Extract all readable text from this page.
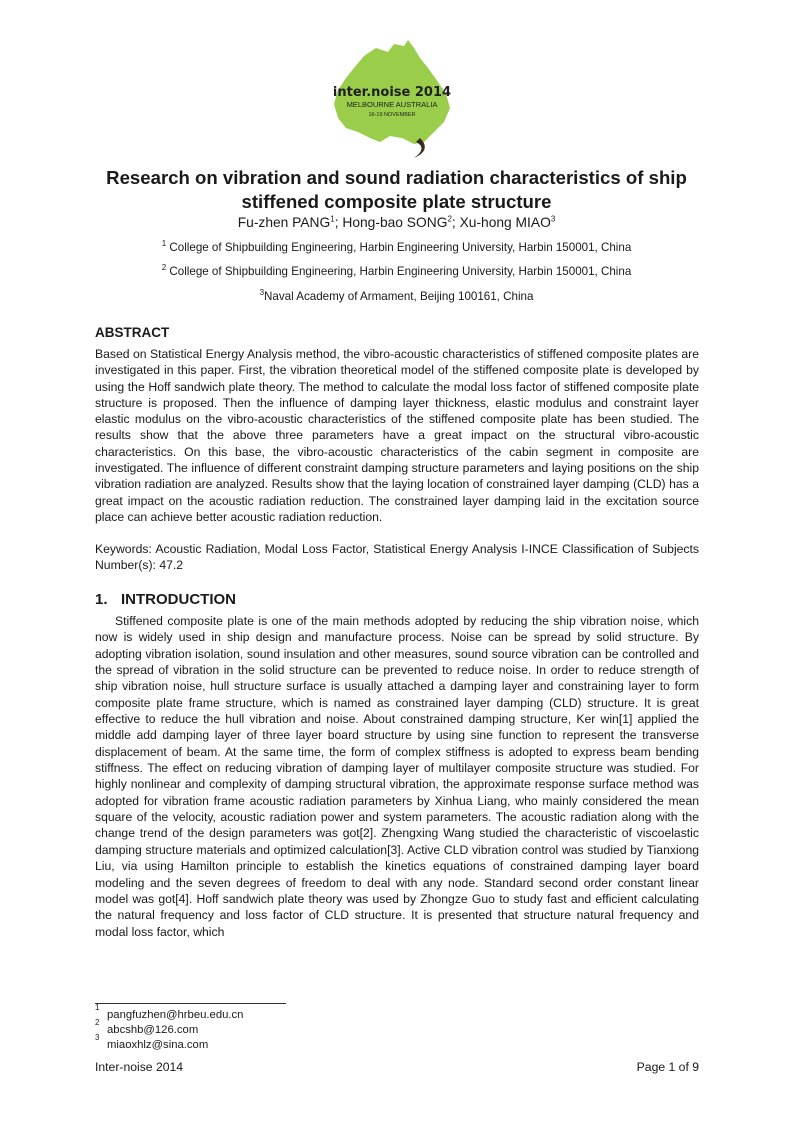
inter.noise 2014
MELBOURNE AUSTRALIA
16-19 NOVEMBER
Research on vibration and sound radiation characteristics of ship
stiffened composite plate structure
Fu-zhen PANG$^1$; Hong-bao SONG$^2$; Xu-hong MIAO$^3$
$^1$ College of Shipbuilding Engineering, Harbin Engineering University, Harbin 150001, China
$^2$ College of Shipbuilding Engineering, Harbin Engineering University, Harbin 150001, China
$^3$Naval Academy of Armament, Beijing 100161, China
ABSTRACT
Based on Statistical Energy Analysis method, the vibro-acoustic characteristics of stiffened composite plates are investigated in this paper. First, the vibration theoretical model of the stiffened composite plate is developed by using the Hoff sandwich plate theory. The method to calculate the modal loss factor of stiffened composite plate structure is proposed. Then the influence of damping layer thickness, elastic modulus and constraint layer elastic modulus on the vibro-acoustic characteristics of the stiffened composite plate has been studied. The results show that the above three parameters have a great impact on the structural vibro-acoustic characteristics. On this base, the vibro-acoustic characteristics of the cabin segment in composite are investigated. The influence of different constraint damping structure parameters and laying positions on the ship vibration radiation are analyzed. Results show that the laying location of constrained layer damping (CLD) has a great impact on the acoustic radiation reduction. The constrained layer damping laid in the excitation source place can achieve better acoustic radiation reduction.
Keywords: Acoustic Radiation, Modal Loss Factor, Statistical Energy Analysis I-INCE Classification of Subjects Number(s): 47.2
1. INTRODUCTION
Stiffened composite plate is one of the main methods adopted by reducing the ship vibration noise, which now is widely used in ship design and manufacture process. Noise can be spread by solid structure. By adopting vibration isolation, sound insulation and other measures, sound source vibration can be controlled and the spread of vibration in the solid structure can be prevented to reduce noise. In order to reduce strength of ship vibration noise, hull structure surface is usually attached a damping layer and constraining layer to form composite plate frame structure, which is named as constrained layer damping (CLD) structure. It is great effective to reduce the hull vibration and noise. About constrained damping structure, Ker win[1] applied the middle add damping layer of three layer board structure by using sine function to represent the transverse displacement of beam. At the same time, the form of complex stiffness is adopted to express beam bending stiffness. The effect on reducing vibration of damping layer of multilayer composite structure was studied. For highly nonlinear and complexity of damping structural vibration, the approximate response surface method was adopted for vibration frame acoustic radiation parameters by Xinhua Liang, who mainly considered the mean square of the velocity, acoustic radiation power and system parameters. The acoustic radiation along with the change trend of the design parameters was got[2]. Zhengxing Wang studied the characteristic of viscoelastic damping structure materials and optimized calculation[3]. Active CLD vibration control was studied by Tianxiong Liu, via using Hamilton principle to establish the kinetics equations of constrained damping layer board modeling and the seven degrees of freedom to deal with any node. Standard second order constant linear model was got[4]. Hoff sandwich plate theory was used by Zhongze Guo to study fast and efficient calculating the natural frequency and loss factor of CLD structure. It is presented that structure natural frequency and modal loss factor, which
1
pangfuzhen@hrbeu.edu.cn
2
abcshb@126.com
3
miaoxhlz@sina.com
Inter-noise 2014	Page 1 of 9
